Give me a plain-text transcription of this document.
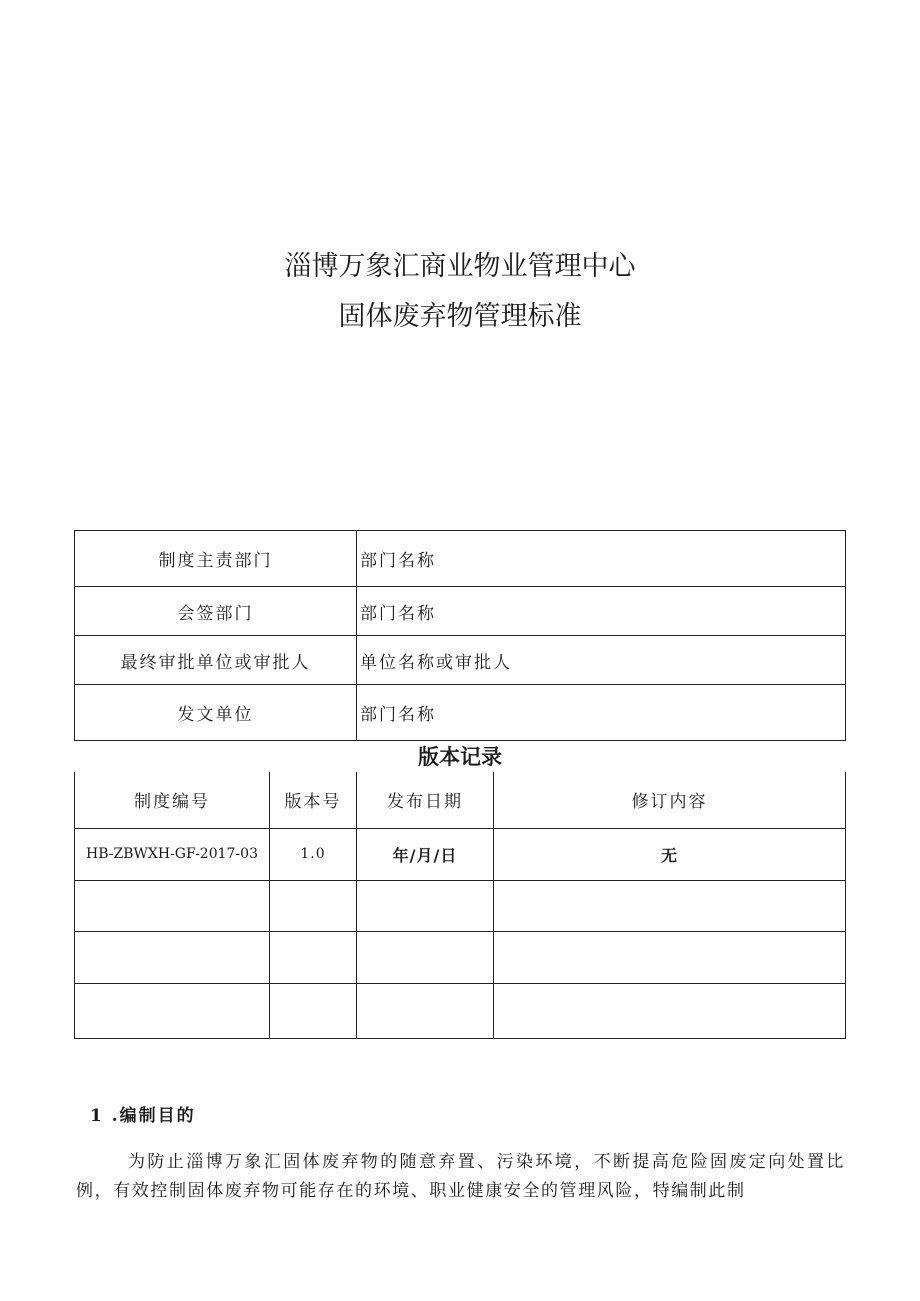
淄博万象汇商业物业管理中心
固体废弃物管理标准
制度主责部门	部门名称
会签部门	部门名称
最终审批单位或审批人	单位名称或审批人
发文单位	部门名称
版本记录
制度编号	版本号	发布日期	修订内容
HB-ZBWXH-GF-2017-03	1.0	年/月/日	无

1 .编制目的

为防止淄博万象汇固体废弃物的随意弃置、污染环境，不断提高危险固废定向处置比例，有效控制固体废弃物可能存在的环境、职业健康安全的管理风险，特编制此制
